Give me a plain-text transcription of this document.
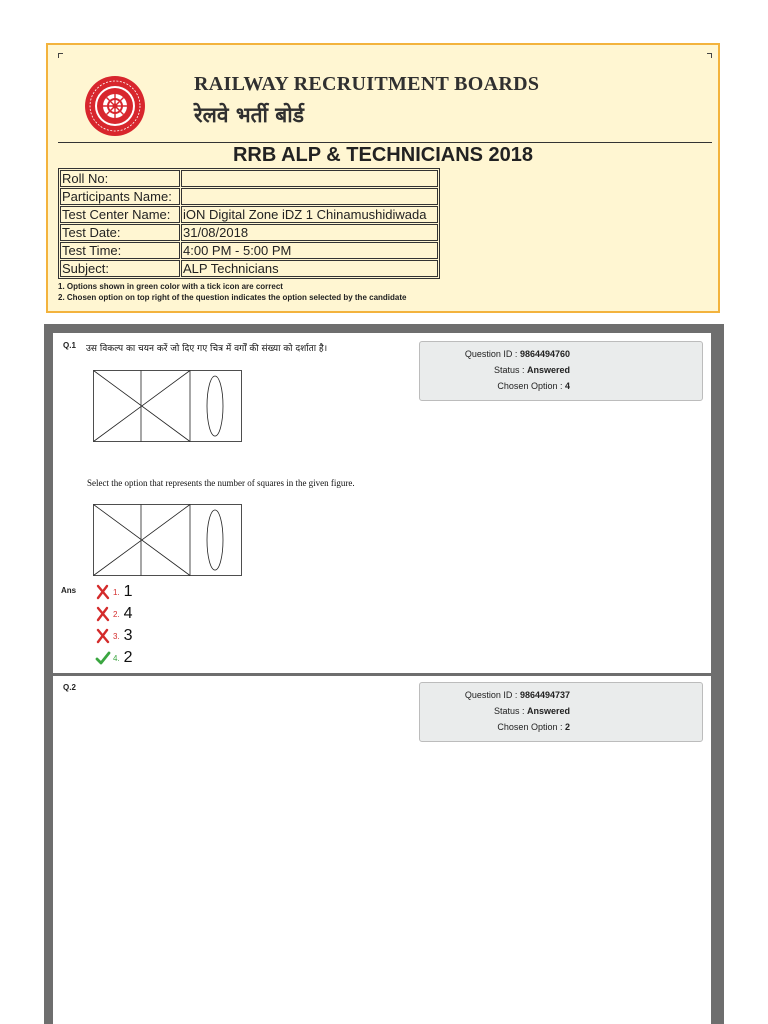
RAILWAY RECRUITMENT BOARDS
रेलवे भर्ती बोर्ड
RRB ALP & TECHNICIANS 2018
Roll No:	
Participants Name:	
Test Center Name:	iON Digital Zone iDZ 1 Chinamushidiwada
Test Date:	31/08/2018
Test Time:	4:00 PM - 5:00 PM
Subject:	ALP Technicians
1. Options shown in green color with a tick icon are correct
2. Chosen option on top right of the question indicates the option selected by the candidate
Q.1 उस विकल्प का चयन करें जो दिए गए चित्र में वर्गों की संख्या को दर्शाता है।
Select the option that represents the number of squares in the given figure.
Question ID : 9864494760
Status : Answered
Chosen Option : 4
Ans	1. 1
2. 4
3. 3
4. 2
Q.2
Question ID : 9864494737
Status : Answered
Chosen Option : 2
